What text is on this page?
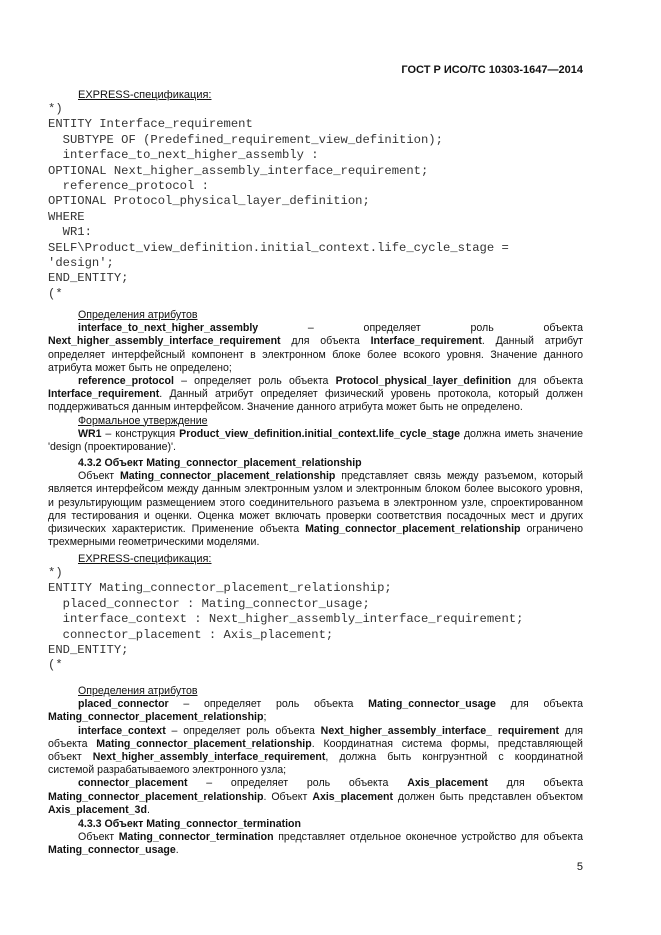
ГОСТ Р ИСО/ТС 10303-1647—2014
EXPRESS-спецификация:
*)
ENTITY Interface_requirement
SUBTYPE OF (Predefined_requirement_view_definition);
interface_to_next_higher_assembly :
OPTIONAL Next_higher_assembly_interface_requirement;
reference_protocol :
OPTIONAL Protocol_physical_layer_definition;
WHERE
WR1:
SELF\Product_view_definition.initial_context.life_cycle_stage =
'design';
END_ENTITY;
(*
Определения атрибутов

interface_to_next_higher_assembly – определяет роль объекта Next_higher_assembly_interface_requirement для объекта Interface_requirement. Данный атрибут определяет интерфейсный компонент в электронном блоке более всокого уровня. Значение данного атрибута может быть не определено;

reference_protocol – определяет роль объекта Protocol_physical_layer_definition для объекта Interface_requirement. Данный атрибут определяет физический уровень протокола, который должен поддерживаться данным интерфейсом. Значение данного атрибута может быть не определено.

Формальное утверждение

WR1 – конструкция Product_view_definition.initial_context.life_cycle_stage должна иметь значение 'design (проектирование)'.

4.3.2 Объект Mating_connector_placement_relationship

Объект Mating_connector_placement_relationship представляет связь между разъемом, который является интерфейсом между данным электронным узлом и электронным блоком более высокого уровня, и результирующим размещением этого соединительного разъема в электронном узле, спроектированном для тестирования и оценки. Оценка может включать проверки соответствия посадочных мест и других физических характеристик. Применение объекта Mating_connector_placement_relationship ограничено трехмерными геометрическими моделями.

EXPRESS-спецификация:
*)
ENTITY Mating_connector_placement_relationship;
placed_connector : Mating_connector_usage;
interface_context : Next_higher_assembly_interface_requirement;
connector_placement : Axis_placement;
END_ENTITY;
(*
Определения атрибутов

placed_connector – определяет роль объекта Mating_connector_usage для объекта Mating_connector_placement_relationship;

interface_context – определяет роль объекта Next_higher_assembly_interface_ requirement для объекта Mating_connector_placement_relationship. Координатная система формы, представляющей объект Next_higher_assembly_interface_requirement, должна быть конгруэнтной с координатной системой разрабатываемого электронного узла;

connector_placement – определяет роль объекта Axis_placement для объекта Mating_connector_placement_relationship. Объект Axis_placement должен быть представлен объектом Axis_placement_3d.

4.3.3 Объект Mating_connector_termination

Объект Mating_connector_termination представляет отдельное оконечное устройство для объекта Mating_connector_usage.

5
